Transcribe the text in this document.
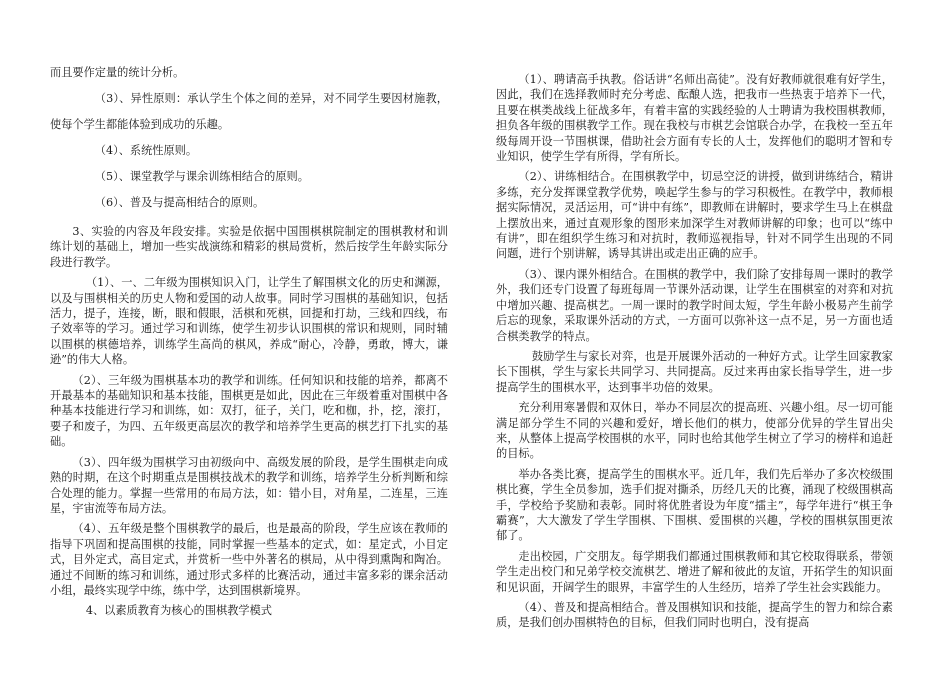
而且要作定量的统计分析。

（3）、异性原则：承认学生个体之间的差异，对不同学生要因材施教，使每个学生都能体验到成功的乐趣。

（4）、系统性原则。

（5）、课堂教学与课余训练相结合的原则。

（6）、普及与提高相结合的原则。

3、实验的内容及年段安排。实验是依据中国围棋棋院制定的围棋教材和训练计划的基础上，增加一些实战演练和精彩的棋局赏析，然后按学生年龄实际分段进行教学。

（1）、一、二年级为围棋知识入门，让学生了解围棋文化的历史和渊源，以及与围棋相关的历史人物和爱国的动人故事。同时学习围棋的基础知识，包括活力，提子，连接，断，眼和假眼，活棋和死棋，回提和打劫，三线和四线，布子效率等的学习。通过学习和训练，使学生初步认识围棋的常识和规则，同时辅以围棋的棋德培养，训练学生高尚的棋风，养成“耐心，冷静，勇敢，博大，谦逊”的伟大人格。

（2）、三年级为围棋基本功的教学和训练。任何知识和技能的培养，都离不开最基本的基础知识和基本技能，围棋更是如此，因此在三年级着重对围棋中各种基本技能进行学习和训练，如：双打，征子，关门，吃和枷，扑，挖，滚打，要子和废子，为四、五年级更高层次的教学和培养学生更高的棋艺打下扎实的基础。

（3）、四年级为围棋学习由初级向中、高级发展的阶段，是学生围棋走向成熟的时期，在这个时期重点是围棋技战术的教学和训练，培养学生分析判断和综合处理的能力。掌握一些常用的布局方法，如：错小目，对角星，二连星，三连星，宇宙流等布局方法。

（4）、五年级是整个围棋教学的最后，也是最高的阶段，学生应该在教师的指导下巩固和提高围棋的技能，同时掌握一些基本的定式，如：星定式，小目定式，目外定式，高目定式，并赏析一些中外著名的棋局，从中得到熏陶和陶冶。通过不间断的练习和训练，通过形式多样的比赛活动，通过丰富多彩的课余活动小组，最终实现学中练，练中学，达到围棋新境界。

4、以素质教育为核心的围棋教学模式

（1）、聘请高手执教。俗话讲“名师出高徒”。没有好教师就很难有好学生，因此，我们在选择教师时充分考虑、酝酿人选，把我市一些热衷于培养下一代，且要在棋类战线上征战多年，有着丰富的实践经验的人士聘请为我校围棋教师，担负各年级的围棋教学工作。现在我校与市棋艺会馆联合办学，在我校一至五年级每周开设一节围棋课，借助社会方面有专长的人士，发挥他们的聪明才智和专业知识，使学生学有所得，学有所长。

（2）、讲练相结合。在围棋教学中，切忌空泛的讲授，做到讲练结合，精讲多练，充分发挥课堂教学优势，唤起学生参与的学习积极性。在教学中，教师根据实际情况，灵活运用，可“讲中有练”，即教师在讲解时，要求学生马上在棋盘上摆放出来，通过直观形象的图形来加深学生对教师讲解的印象；也可以“练中有讲”，即在组织学生练习和对抗时，教师巡视指导，针对不同学生出现的不同问题，进行个别讲解，诱导其讲出或走出正确的应手。

（3）、课内课外相结合。在围棋的教学中，我们除了安排每周一课时的教学外，我们还专门设置了每班每周一节课外活动课，让学生在围棋室的对弈和对抗中增加兴趣、提高棋艺。一周一课时的教学时间太短，学生年龄小极易产生前学后忘的现象，采取课外活动的方式，一方面可以弥补这一点不足，另一方面也适合棋类教学的特点。

鼓励学生与家长对弈，也是开展课外活动的一种好方式。让学生回家教家长下围棋，学生与家长共同学习、共同提高。反过来再由家长指导学生，进一步提高学生的围棋水平，达到事半功倍的效果。

充分利用寒暑假和双休日，举办不同层次的提高班、兴趣小组。尽一切可能满足部分学生不同的兴趣和爱好，增长他们的棋力，使部分优异的学生冒出尖来，从整体上提高学校围棋的水平，同时也给其他学生树立了学习的榜样和追赶的目标。

举办各类比赛，提高学生的围棋水平。近几年，我们先后举办了多次校级围棋比赛，学生全员参加，选手们捉对撕杀，历经几天的比赛，涌现了校级围棋高手，学校给予奖励和表彰。同时将优胜者设为年度“擂主”，每学年进行“棋王争霸赛”，大大激发了学生学围棋、下围棋、爱围棋的兴趣，学校的围棋氛围更浓郁了。

走出校园，广交朋友。每学期我们都通过围棋教师和其它校取得联系，带领学生走出校门和兄弟学校交流棋艺、增进了解和彼此的友谊，开拓学生的知识面和见识面，开阔学生的眼界，丰富学生的人生经历，培养了学生社会实践能力。

（4）、普及和提高相结合。普及围棋知识和技能，提高学生的智力和综合素质，是我们创办围棋特色的目标，但我们同时也明白，没有提高
